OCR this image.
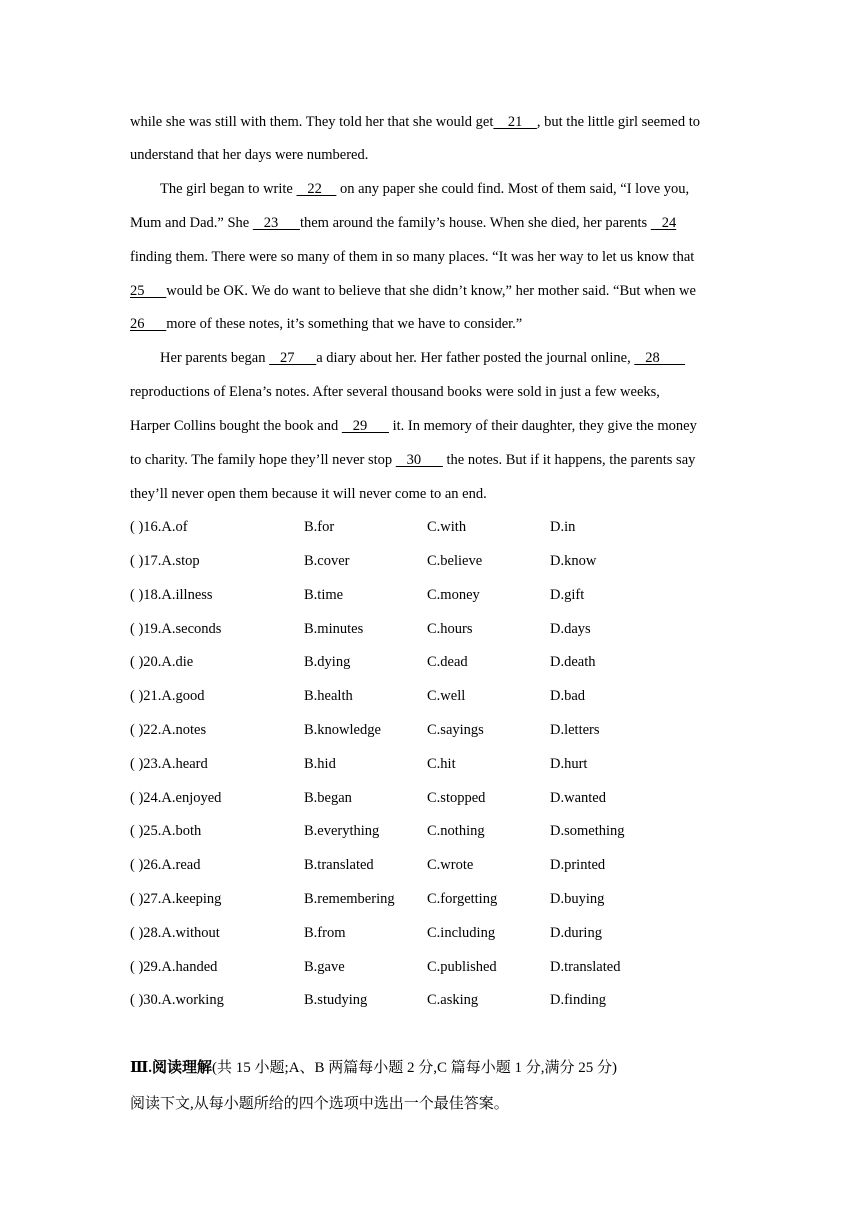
while she was still with them. They told her that she would get    21    , but the little girl seemed to
understand that her days were numbered.
The girl began to write    22     on any paper she could find. Most of them said, “I love you,
Mum and Dad.” She    23      them around the family’s house. When she died, her parents    24
finding them. There were so many of them in so many places. “It was her way to let us know that
25      would be OK. We do want to believe that she didn’t know,” her mother said. “But when we
26      more of these notes, it’s something that we have to consider.”
Her parents began    27      a diary about her. Her father posted the journal online,    28
reproductions of Elena’s notes. After several thousand books were sold in just a few weeks,
Harper Collins bought the book and    29       it. In memory of their daughter, they give the money
to charity. The family hope they’ll never stop    30       the notes. But if it happens, the parents say
they’ll never open them because it will never come to an end.
( )16.A.of	B.for	C.with	D.in
( )17.A.stop	B.cover	C.believe	D.know
( )18.A.illness	B.time	C.money	D.gift
( )19.A.seconds	B.minutes	C.hours	D.days
( )20.A.die	B.dying	C.dead	D.death
( )21.A.good	B.health	C.well	D.bad
( )22.A.notes	B.knowledge	C.sayings	D.letters
( )23.A.heard	B.hid	C.hit	D.hurt
( )24.A.enjoyed	B.began	C.stopped	D.wanted
( )25.A.both	B.everything	C.nothing	D.something
( )26.A.read	B.translated	C.wrote	D.printed
( )27.A.keeping	B.remembering C.forgetting	D.buying
( )28.A.without	B.from	C.including	D.during
( )29.A.handed	B.gave	C.published	D.translated
( )30.A.working	B.studying	C.asking	D.finding
Ⅲ.阅读理解(共 15 小题;A、B 两篇每小题 2 分,C 篇每小题 1 分,满分 25 分)
阅读下文,从每小题所给的四个选项中选出一个最佳答案。
